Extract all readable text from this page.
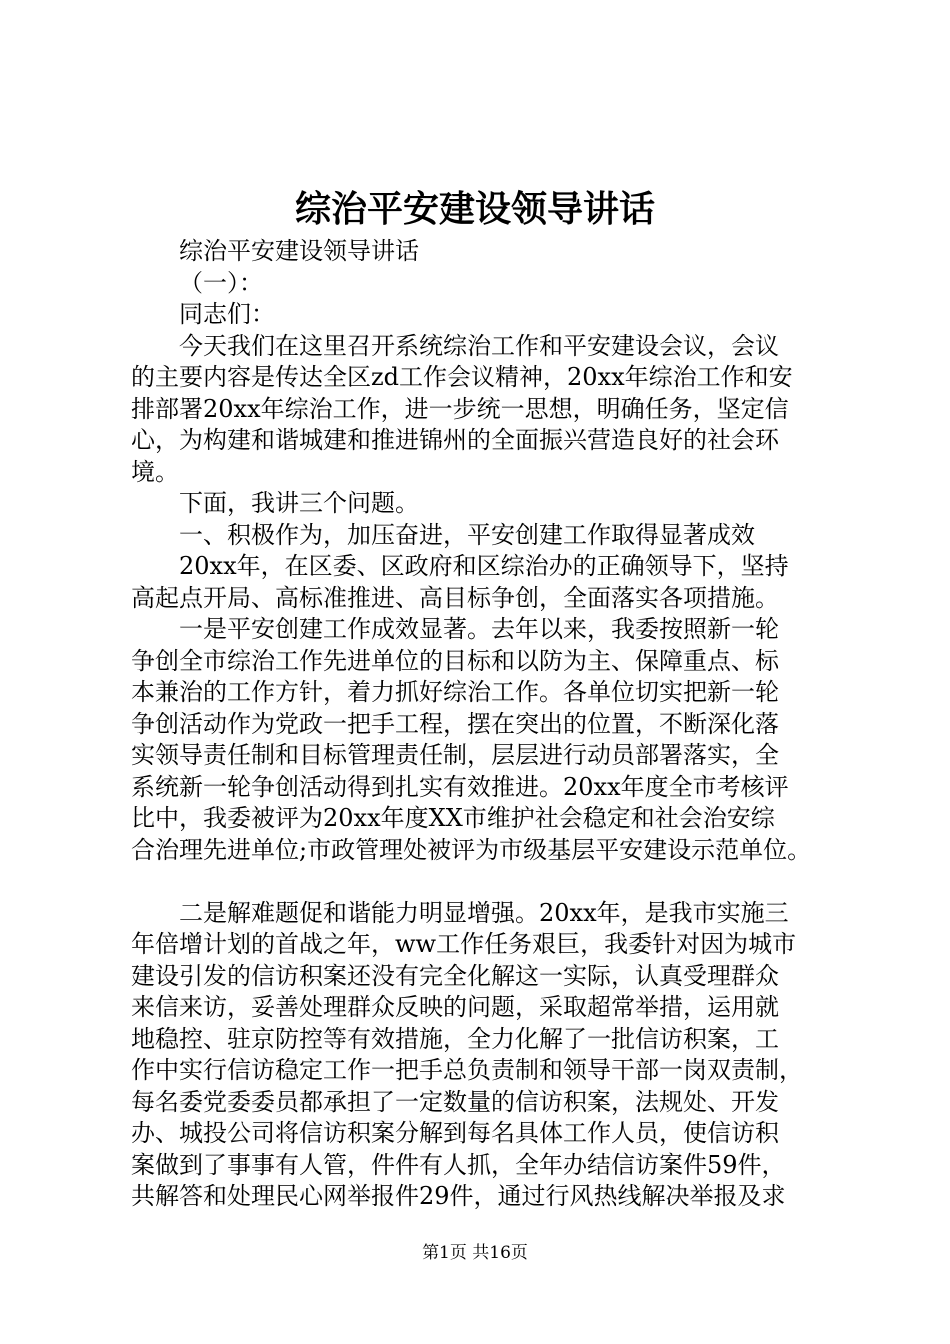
综治平安建设领导讲话
综治平安建设领导讲话
（一）：
同志们：
今天我们在这里召开系统综治工作和平安建设会议，会议
的主要内容是传达全区zd工作会议精神，20xx年综治工作和安
排部署20xx年综治工作，进一步统一思想，明确任务，坚定信
心，为构建和谐城建和推进锦州的全面振兴营造良好的社会环
境。
下面，我讲三个问题。
一、积极作为，加压奋进，平安创建工作取得显著成效
20xx年，在区委、区政府和区综治办的正确领导下，坚持
高起点开局、高标准推进、高目标争创，全面落实各项措施。
一是平安创建工作成效显著。去年以来，我委按照新一轮
争创全市综治工作先进单位的目标和以防为主、保障重点、标
本兼治的工作方针，着力抓好综治工作。各单位切实把新一轮
争创活动作为党政一把手工程，摆在突出的位置，不断深化落
实领导责任制和目标管理责任制，层层进行动员部署落实，全
系统新一轮争创活动得到扎实有效推进。20xx年度全市考核评
比中，我委被评为20xx年度XX市维护社会稳定和社会治安综
合治理先进单位;市政管理处被评为市级基层平安建设示范单位。
二是解难题促和谐能力明显增强。20xx年，是我市实施三
年倍增计划的首战之年，ww工作任务艰巨，我委针对因为城市
建设引发的信访积案还没有完全化解这一实际，认真受理群众
来信来访，妥善处理群众反映的问题，采取超常举措，运用就
地稳控、驻京防控等有效措施，全力化解了一批信访积案，工
作中实行信访稳定工作一把手总负责制和领导干部一岗双责制，
每名委党委委员都承担了一定数量的信访积案，法规处、开发
办、城投公司将信访积案分解到每名具体工作人员，使信访积
案做到了事事有人管，件件有人抓，全年办结信访案件59件，
共解答和处理民心网举报件29件，通过行风热线解决举报及求
第1页 共16页
